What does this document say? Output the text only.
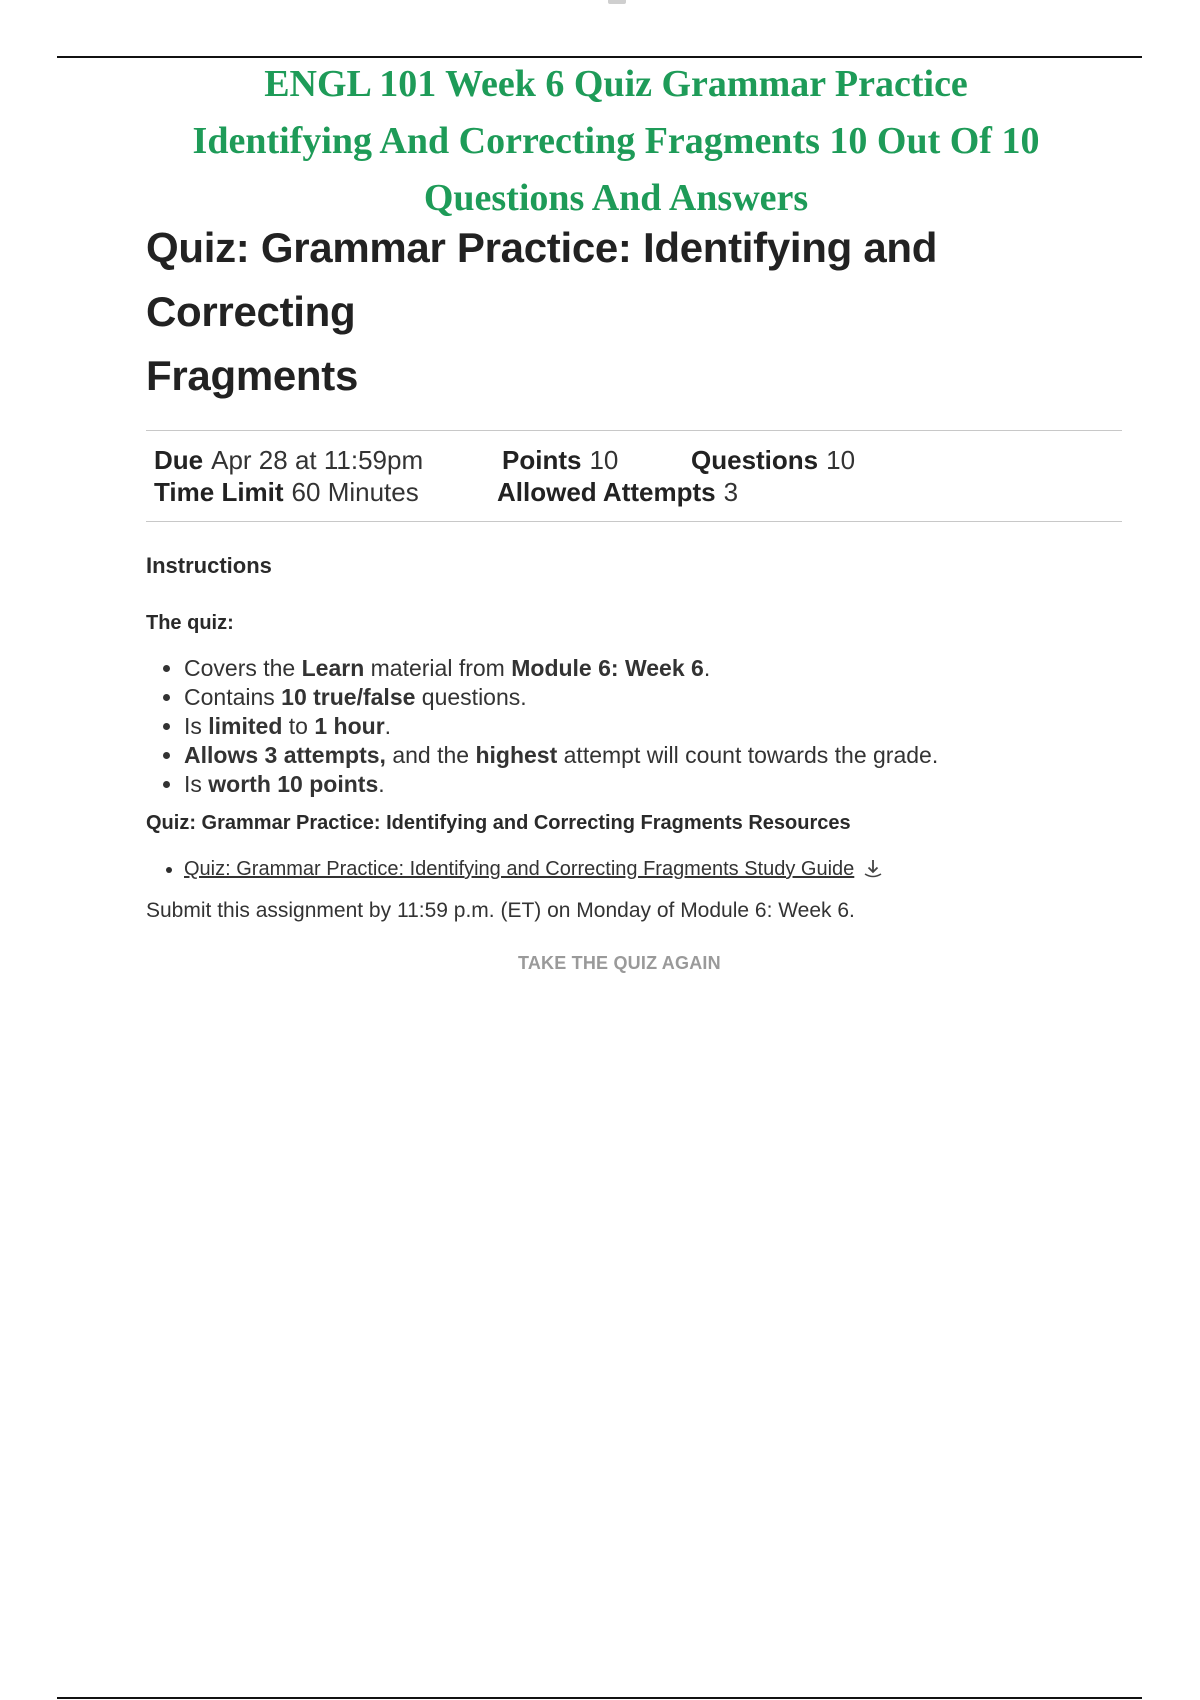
ENGL 101 Week 6 Quiz Grammar Practice
Identifying And Correcting Fragments 10 Out Of 10
Questions And Answers
Quiz: Grammar Practice: Identifying and Correcting
Fragments
Due Apr 28 at 11:59pm	Points 10	Questions 10
Time Limit 60 Minutes	Allowed Attempts 3
Instructions
The quiz:
• Covers the Learn material from Module 6: Week 6.
• Contains 10 true/false questions.
• Is limited to 1 hour.
• Allows 3 attempts, and the highest attempt will count towards the grade.
• Is worth 10 points.
Quiz: Grammar Practice: Identifying and Correcting Fragments Resources
• Quiz: Grammar Practice: Identifying and Correcting Fragments Study Guide

Submit this assignment by 11:59 p.m. (ET) on Monday of Module 6: Week 6.

TAKE THE QUIZ AGAIN
